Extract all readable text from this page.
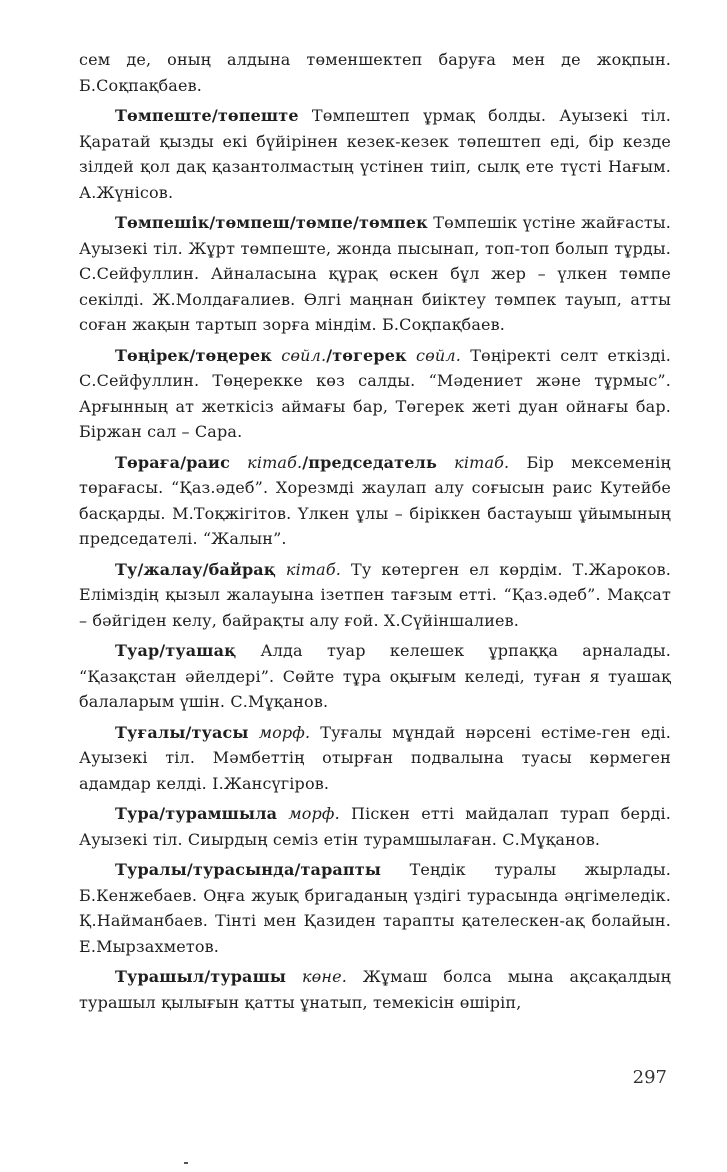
сем де, оның алдына төменшектеп баруға мен де жоқпын. Б.Соқпақбаев.

Төмпеште/төпеште Төмпештеп ұрмақ болды. Ауызекі тіл. Қаратай қызды екі бүйірінен кезек-кезек төпештеп еді, бір кезде зілдей қол дақ қазантолмастың үстінен тиіп, сылқ ете түсті Нағым. А.Жүнісов.

Төмпешік/төмпеш/төмпе/төмпек Төмпешік үстіне жайғасты. Ауызекі тіл. Жұрт төмпеште, жонда пысынап, топ-топ болып тұрды. С.Сейфуллин. Айналасына құрақ өскен бұл жер – үлкен төмпе секілді. Ж.Молдағалиев. Өлгі маңнан биіктеу төмпек тауып, атты соған жақын тартып зорға міндім. Б.Соқпақбаев.

Төңірек/төңерек сөйл./төгерек сөйл. Төңіректі селт еткізді. С.Сейфуллин. Төңерекке көз салды. “Мәдениет және тұрмыс”. Арғынның ат жеткісіз аймағы бар, Төгерек жеті дуан ойнағы бар. Біржан сал – Сара.

Төраға/раис кітаб./председатель кітаб. Бір мексеменің төрағасы. “Қаз.әдеб”. Хорезмді жаулап алу соғысын раис Кутейбе басқарды. М.Тоқжігітов. Үлкен ұлы – біріккен бастауыш ұйымының председателі. “Жалын”.

Ту/жалау/байрақ кітаб. Ту көтерген ел көрдім. Т.Жароков. Еліміздің қызыл жалауына ізетпен тағзым етті. “Қаз.әдеб”. Мақсат – бәйгіден келу, байрақты алу ғой. Х.Сүйіншалиев.

Туар/туашақ Алда туар келешек ұрпаққа арналады. “Қазақстан әйелдері”. Сөйте тұра оқығым келеді, туған я туашақ балаларым үшін. С.Мұқанов.

Туғалы/туасы морф. Туғалы мұндай нәрсені естіме-ген еді. Ауызекі тіл. Мәмбеттің отырған подвалына туасы көрмеген адамдар келді. І.Жансүгіров.

Тура/турамшыла морф. Піскен етті майдалап турап берді. Ауызекі тіл. Сиырдың семіз етін турамшылаған. С.Мұқанов.

Туралы/турасында/тарапты Теңдік туралы жырлады. Б.Кенжебаев. Оңға жуық бригаданың үздігі турасында әңгімеледік. Қ.Найманбаев. Тінті мен Қазиден тарапты қателескен-ақ болайын. Е.Мырзахметов.

Турашыл/турашы көне. Жұмаш болса мына ақсақалдың турашыл қылығын қатты ұнатып, темекісін өшіріп,

297
